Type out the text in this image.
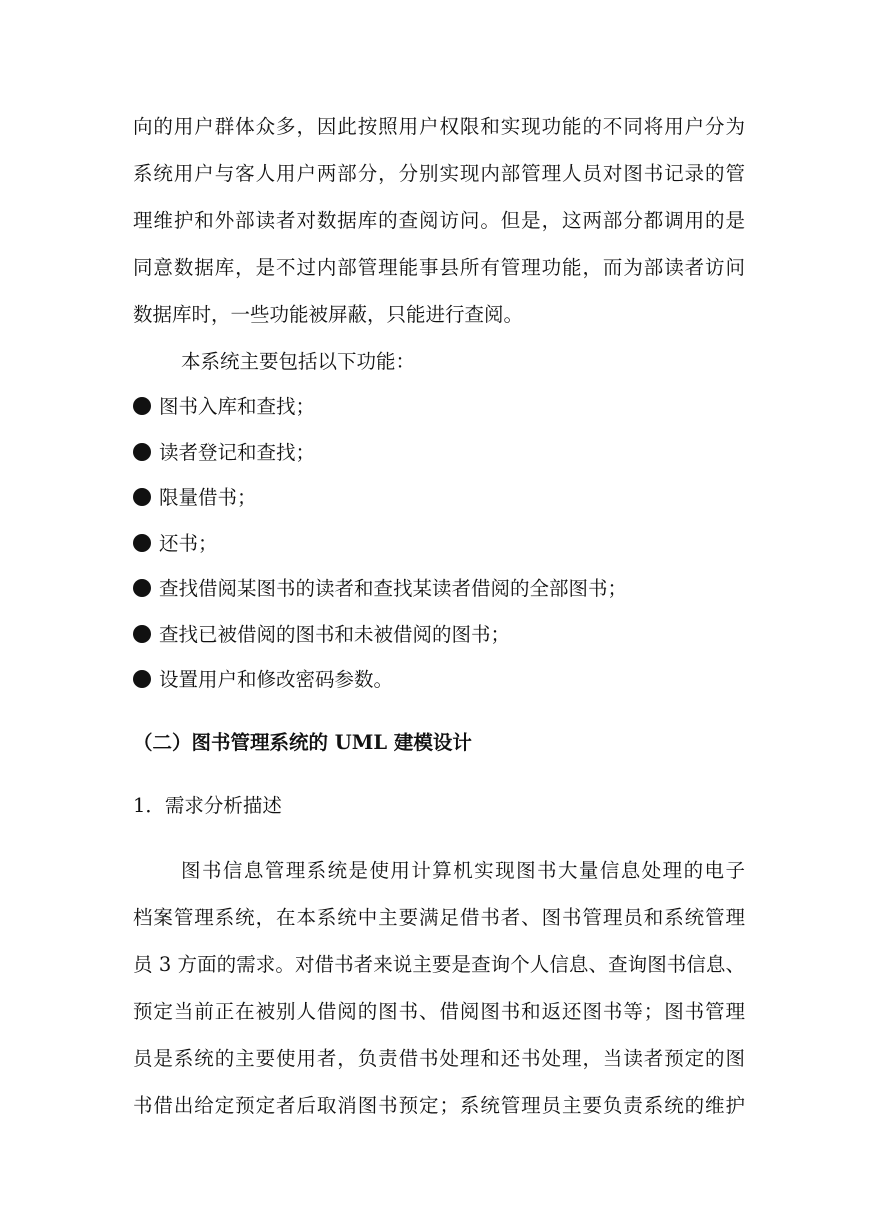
向的用户群体众多，因此按照用户权限和实现功能的不同将用户分为
系统用户与客人用户两部分，分别实现内部管理人员对图书记录的管
理维护和外部读者对数据库的查阅访问。但是，这两部分都调用的是
同意数据库，是不过内部管理能事县所有管理功能，而为部读者访问
数据库时，一些功能被屏蔽，只能进行查阅。
本系统主要包括以下功能：
图书入库和查找；
读者登记和查找；
限量借书；
还书；
查找借阅某图书的读者和查找某读者借阅的全部图书；
查找已被借阅的图书和未被借阅的图书；
设置用户和修改密码参数。
（二）图书管理系统的 UML 建模设计
1．需求分析描述
图书信息管理系统是使用计算机实现图书大量信息处理的电子
档案管理系统，在本系统中主要满足借书者、图书管理员和系统管理
员 3 方面的需求。对借书者来说主要是查询个人信息、查询图书信息、
预定当前正在被别人借阅的图书、借阅图书和返还图书等；图书管理
员是系统的主要使用者，负责借书处理和还书处理，当读者预定的图
书借出给定预定者后取消图书预定；系统管理员主要负责系统的维护
